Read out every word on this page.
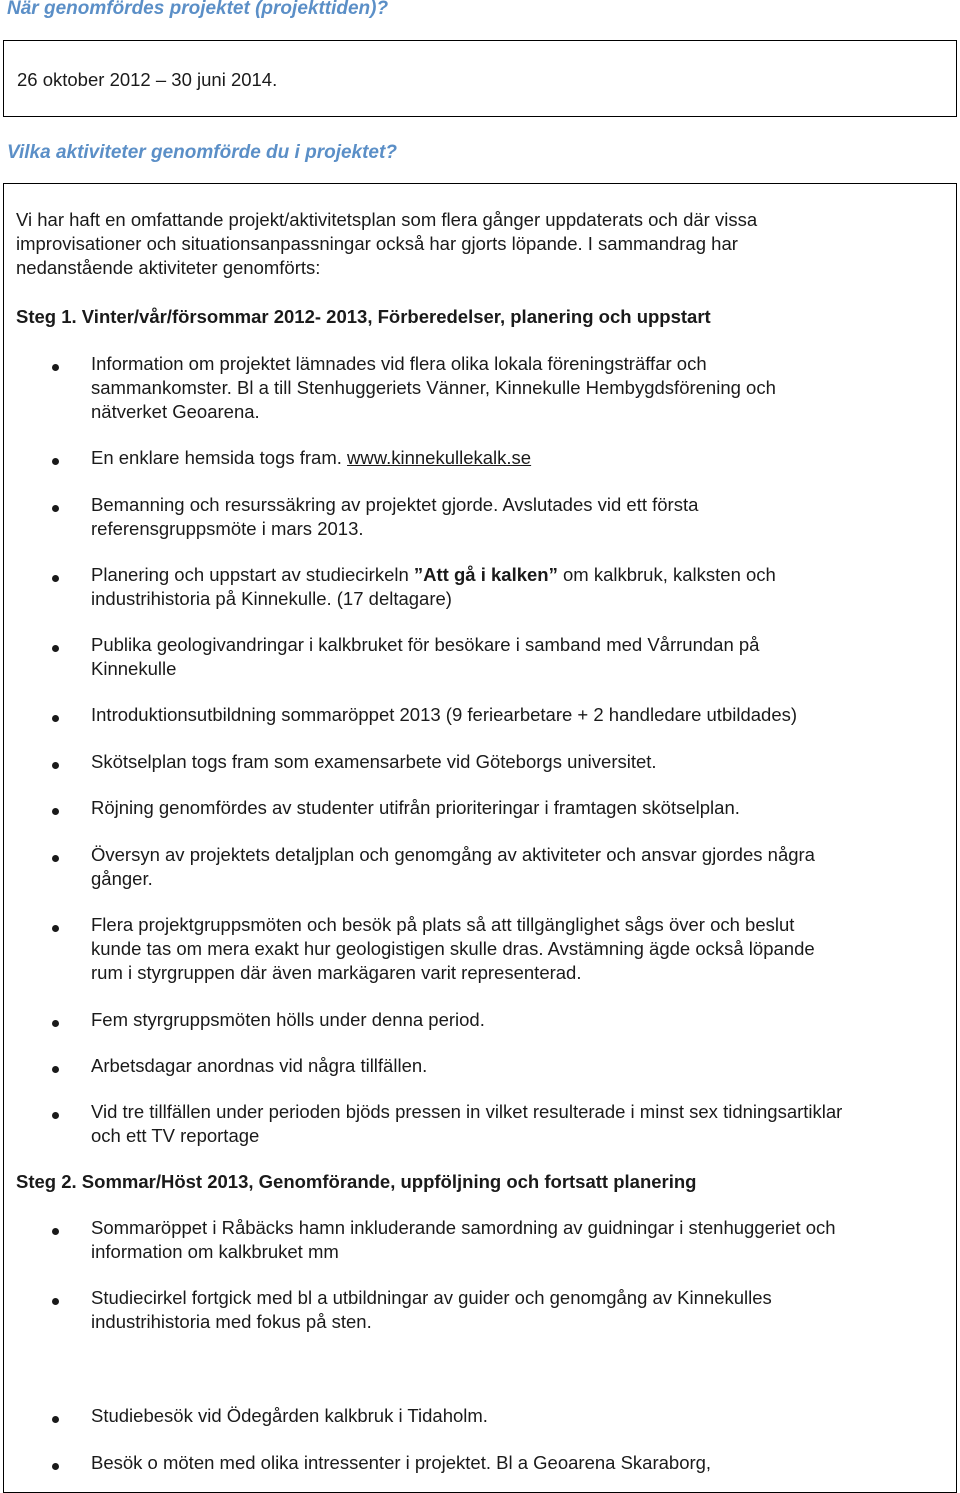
När genomfördes projektet (projekttiden)?
26 oktober 2012 – 30 juni 2014.
Vilka aktiviteter genomförde du i projektet?
Vi har haft en omfattande projekt/aktivitetsplan som flera gånger uppdaterats och där vissa
improvisationer och situationsanpassningar också har gjorts löpande. I sammandrag har
nedanstående aktiviteter genomförts:
Steg 1. Vinter/vår/försommar 2012- 2013, Förberedelser, planering och uppstart
Information om projektet lämnades vid flera olika lokala föreningsträffar och
sammankomster. Bl a till Stenhuggeriets Vänner, Kinnekulle Hembygdsförening och
nätverket Geoarena.
En enklare hemsida togs fram. www.kinnekullekalk.se
Bemanning och resurssäkring av projektet gjorde. Avslutades vid ett första
referensgruppsmöte i mars 2013.
Planering och uppstart av studiecirkeln ”Att gå i kalken” om kalkbruk, kalksten och
industrihistoria på Kinnekulle. (17 deltagare)
Publika geologivandringar i kalkbruket för besökare i samband med Vårrundan på
Kinnekulle
Introduktionsutbildning sommaröppet 2013 (9 feriearbetare + 2 handledare utbildades)
Skötselplan togs fram som examensarbete vid Göteborgs universitet.
Röjning genomfördes av studenter utifrån prioriteringar i framtagen skötselplan.
Översyn av projektets detaljplan och genomgång av aktiviteter och ansvar gjordes några
gånger.
Flera projektgruppsmöten och besök på plats så att tillgänglighet sågs över och beslut
kunde tas om mera exakt hur geologistigen skulle dras. Avstämning ägde också löpande
rum i styrgruppen där även markägaren varit representerad.
Fem styrgruppsmöten hölls under denna period.
Arbetsdagar anordnas vid några tillfällen.
Vid tre tillfällen under perioden bjöds pressen in vilket resulterade i minst sex tidningsartiklar
och ett TV reportage
Steg 2. Sommar/Höst 2013, Genomförande, uppföljning och fortsatt planering
Sommaröppet i Råbäcks hamn inkluderande samordning av guidningar i stenhuggeriet och
information om kalkbruket mm
Studiecirkel fortgick med bl a utbildningar av guider och genomgång av Kinnekulles
industrihistoria med fokus på sten.
Studiebesök vid Ödegården kalkbruk i Tidaholm.
Besök o möten med olika intressenter i projektet. Bl a Geoarena Skaraborg,
